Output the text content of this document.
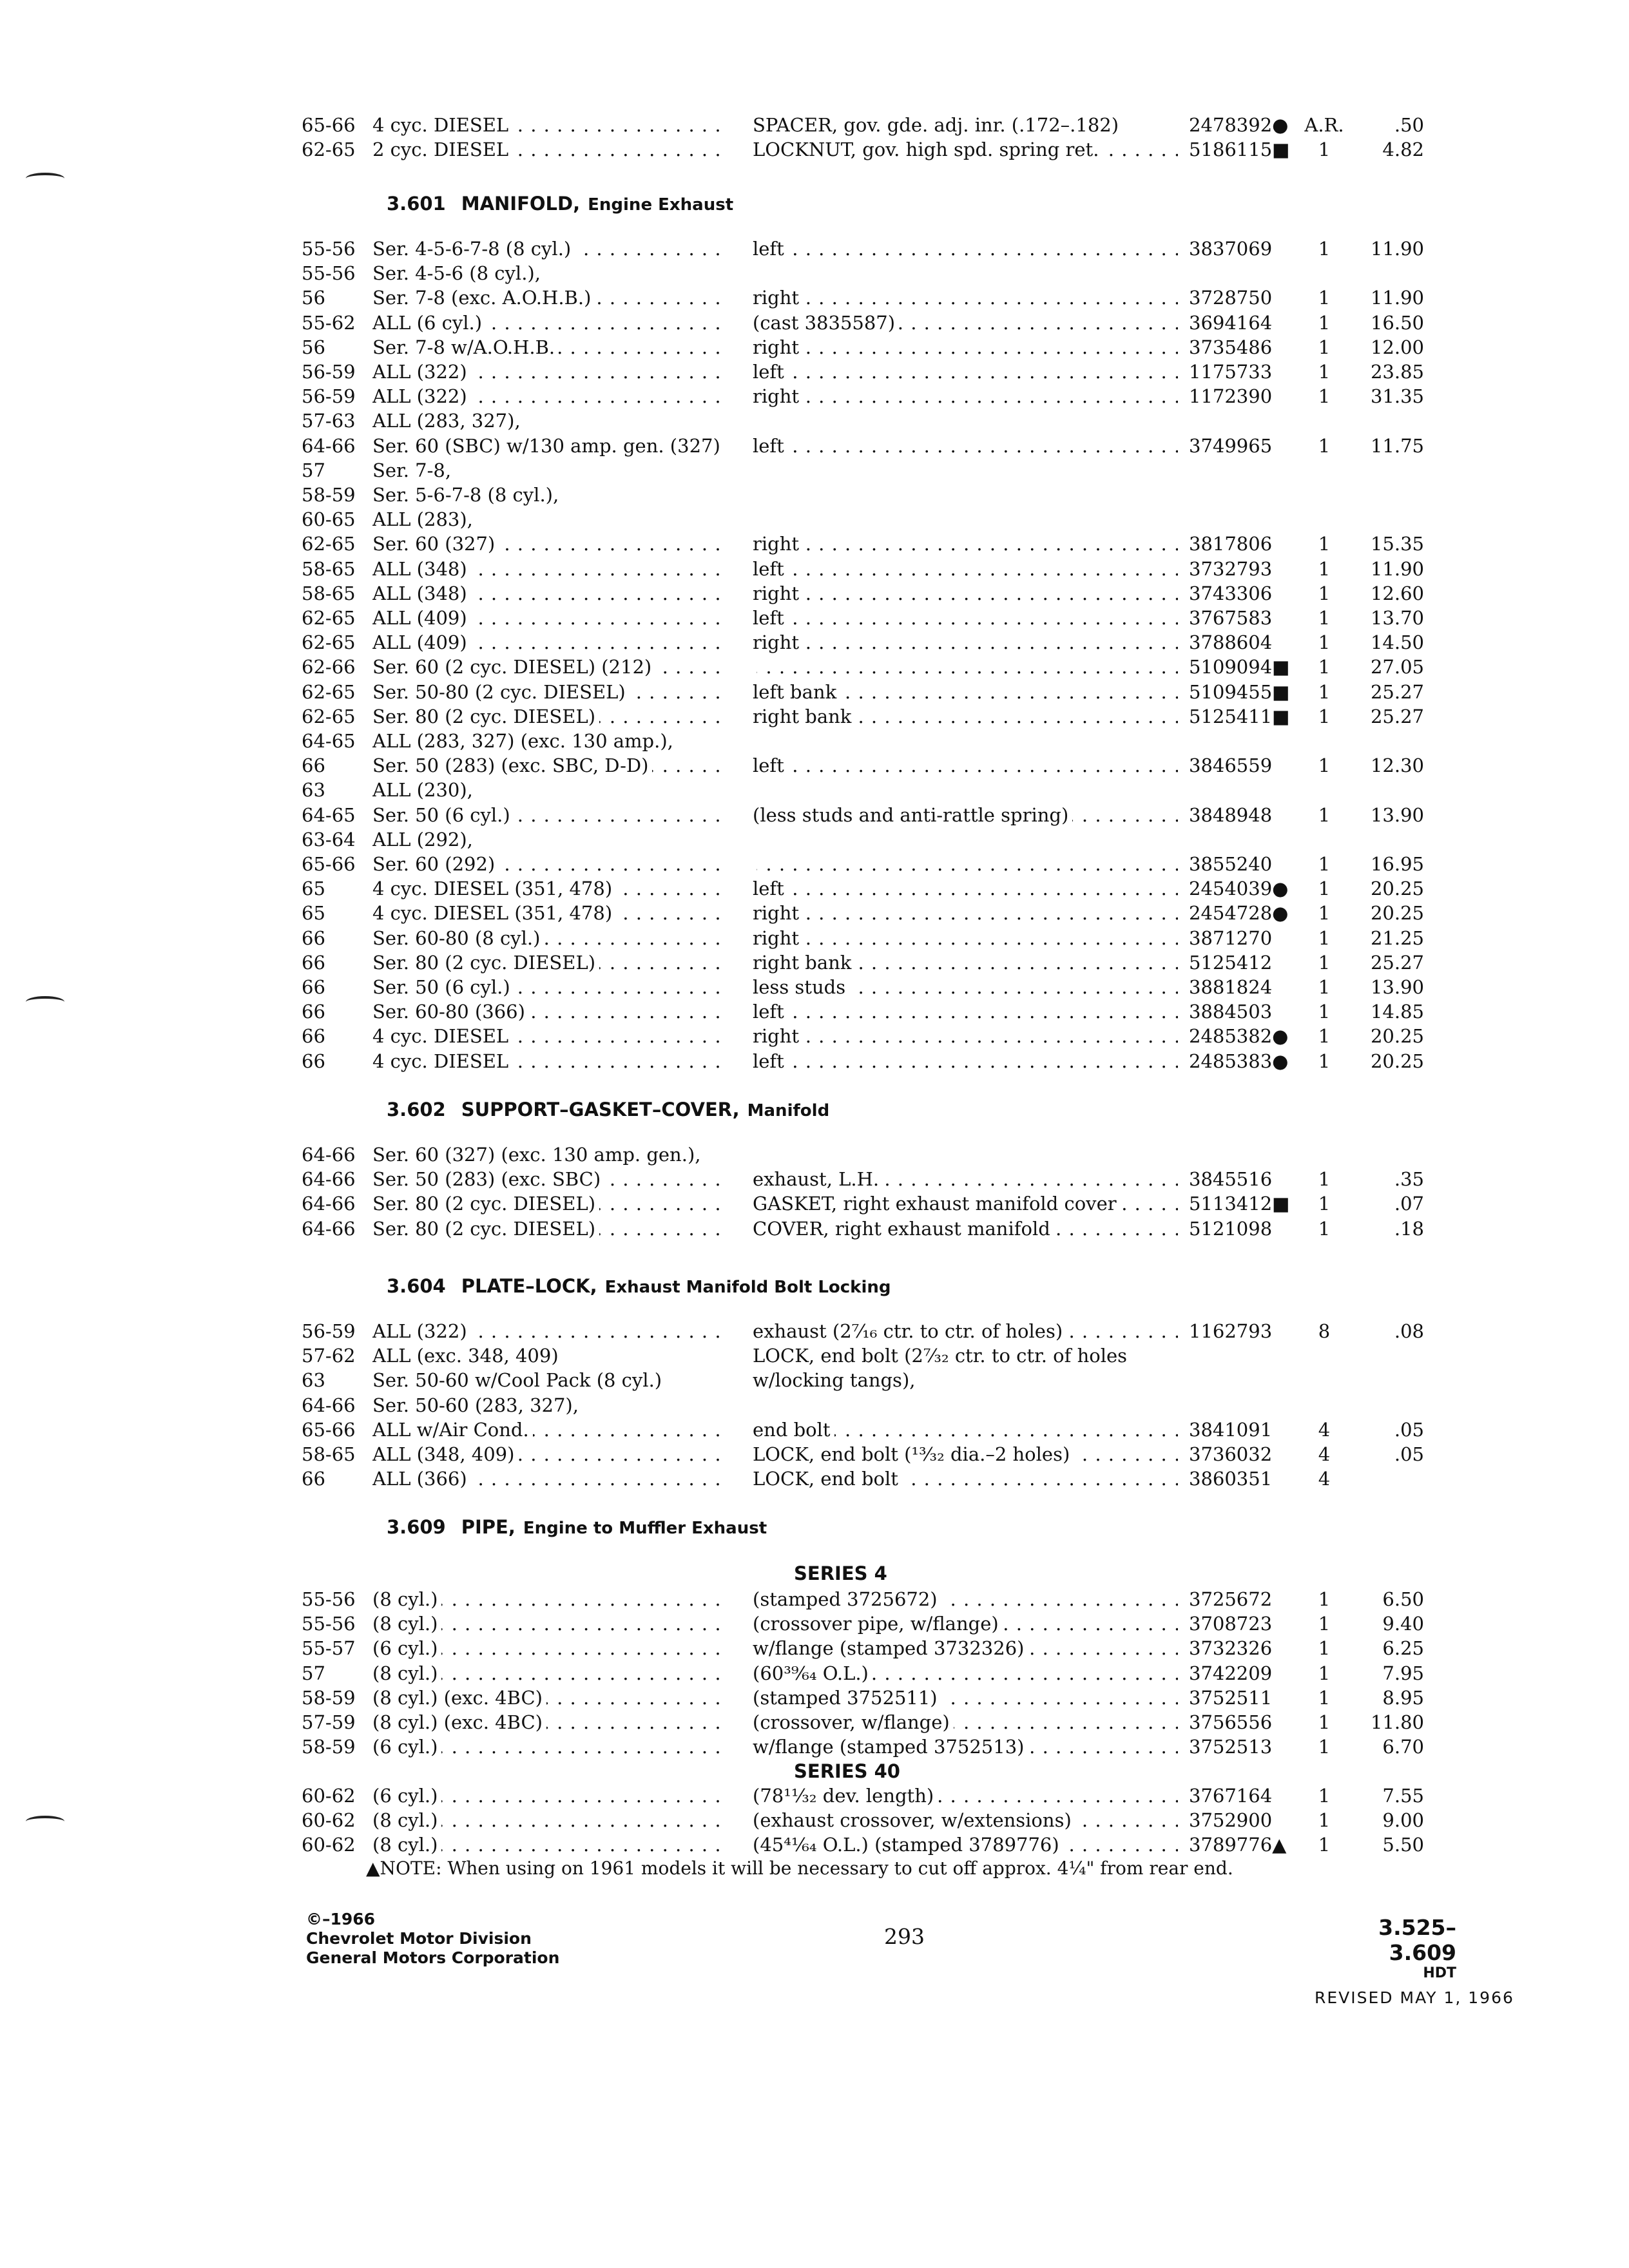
65-66 4 cyc. DIESEL . . .	SPACER, gov. gde. adj. inr. (.172–.182)	2478392● A.R.	.50
62-65 2 cyc. DIESEL . . .	LOCKNUT, gov. high spd. spring ret. . . .	5186115■	1	4.82
3.601 MANIFOLD, Engine Exhaust
55-56 Ser. 4-5-6-7-8 (8 cyl.) . . .	left . . .	3837069	1	11.90
55-56 Ser. 4-5-6 (8 cyl.),
56	Ser. 7-8 (exc. A.O.H.B.) . . .	right . . .	3728750	1	11.90
55-62 ALL (6 cyl.) . . .	(cast 3835587) . . .	3694164	1	16.50
56	Ser. 7-8 w/A.O.H.B. . . .	right . . .	3735486	1	12.00
56-59 ALL (322) . . .	left . . .	1175733	1	23.85
56-59 ALL (322) . . .	right . . .	1172390	1	31.35
57-63 ALL (283, 327),
64-66 Ser. 60 (SBC) w/130 amp. gen. (327) . . .	left . . .	3749965	1	11.75
57	Ser. 7-8,
58-59 Ser. 5-6-7-8 (8 cyl.),
60-65 ALL (283),
62-65 Ser. 60 (327) . . .	right . . .	3817806	1	15.35
58-65 ALL (348) . . .	left . . .	3732793	1	11.90
58-65 ALL (348) . . .	right . . .	3743306	1	12.60
62-65 ALL (409) . . .	left . . .	3767583	1	13.70
62-65 ALL (409) . . .	right . . .	3788604	1	14.50
62-66 Ser. 60 (2 cyc. DIESEL) (212) . . . . . .	5109094■	1	27.05
62-65 Ser. 50-80 (2 cyc. DIESEL) . . .	left bank . . .	5109455■	1	25.27
62-65 Ser. 80 (2 cyc. DIESEL) . . .	right bank . . .	5125411■	1	25.27
64-65 ALL (283, 327) (exc. 130 amp.),
66	Ser. 50 (283) (exc. SBC, D-D) . . .	left . . .	3846559	1	12.30
63	ALL (230),
64-65 Ser. 50 (6 cyl.) . . .	(less studs and anti-rattle spring) . . .	3848948	1	13.90
63-64 ALL (292),
65-66 Ser. 60 (292) . . . . . .	3855240	1	16.95
65	4 cyc. DIESEL (351, 478) . . .	left . . .	2454039●	1	20.25
65	4 cyc. DIESEL (351, 478) . . .	right . . .	2454728●	1	20.25
66	Ser. 60-80 (8 cyl.) . . .	right . . .	3871270	1	21.25
66	Ser. 80 (2 cyc. DIESEL) . . .	right bank . . .	5125412	1	25.27
66	Ser. 50 (6 cyl.) . . .	less studs . . .	3881824	1	13.90
66	Ser. 60-80 (366) . . .	left . . .	3884503	1	14.85
66	4 cyc. DIESEL . . .	right . . .	2485382●	1	20.25
66	4 cyc. DIESEL . . .	left . . .	2485383●	1	20.25
3.602 SUPPORT–GASKET–COVER, Manifold
64-66 Ser. 60 (327) (exc. 130 amp. gen.),
64-66 Ser. 50 (283) (exc. SBC) . . .	exhaust, L.H. . . .	3845516	1	.35
64-66 Ser. 80 (2 cyc. DIESEL) . . .	GASKET, right exhaust manifold cover . . .	5113412■	1	.07
64-66 Ser. 80 (2 cyc. DIESEL) . . .	COVER, right exhaust manifold . . .	5121098	1	.18
3.604 PLATE–LOCK, Exhaust Manifold Bolt Locking
56-59 ALL (322) . . .	exhaust (2⁷⁄₁₆ ctr. to ctr. of holes) . . .	1162793	8	.08
57-62 ALL (exc. 348, 409)	LOCK, end bolt (2⁷⁄₃₂ ctr. to ctr. of holes
63	Ser. 50-60 w/Cool Pack (8 cyl.)	w/locking tangs),
64-66 Ser. 50-60 (283, 327),
65-66 ALL w/Air Cond. . . .	end bolt . . .	3841091	4	.05
58-65 ALL (348, 409) . . .	LOCK, end bolt (¹³⁄₃₂ dia.–2 holes) . . .	3736032	4	.05
66	ALL (366) . . .	LOCK, end bolt . . .	3860351	4
3.609 PIPE, Engine to Muffler Exhaust
SERIES 4
55-56 (8 cyl.) . . .	(stamped 3725672) . . .	3725672	1	6.50
55-56 (8 cyl.) . . .	(crossover pipe, w/flange) . . .	3708723	1	9.40
55-57 (6 cyl.) . . .	w/flange (stamped 3732326) . . .	3732326	1	6.25
57	(8 cyl.) . . .	(60³⁹⁄₆₄ O.L.) . . .	3742209	1	7.95
58-59 (8 cyl.) (exc. 4BC) . . .	(stamped 3752511) . . .	3752511	1	8.95
57-59 (8 cyl.) (exc. 4BC) . . .	(crossover, w/flange) . . .	3756556	1	11.80
58-59 (6 cyl.) . . .	w/flange (stamped 3752513) . . .	3752513	1	6.70
SERIES 40
60-62 (6 cyl.) . . .	(78¹¹⁄₃₂ dev. length) . . .	3767164	1	7.55
60-62 (8 cyl.) . . .	(exhaust crossover, w/extensions) . . .	3752900	1	9.00
60-62 (8 cyl.) . . .	(45⁴¹⁄₆₄ O.L.) (stamped 3789776) . . .	3789776▲	1	5.50
▲NOTE: When using on 1961 models it will be necessary to cut off approx. 4¼" from rear end.
©–1966
Chevrolet Motor Division
General Motors Corporation
293	3.525–3.609
HDT
REVISED MAY 1, 1966
